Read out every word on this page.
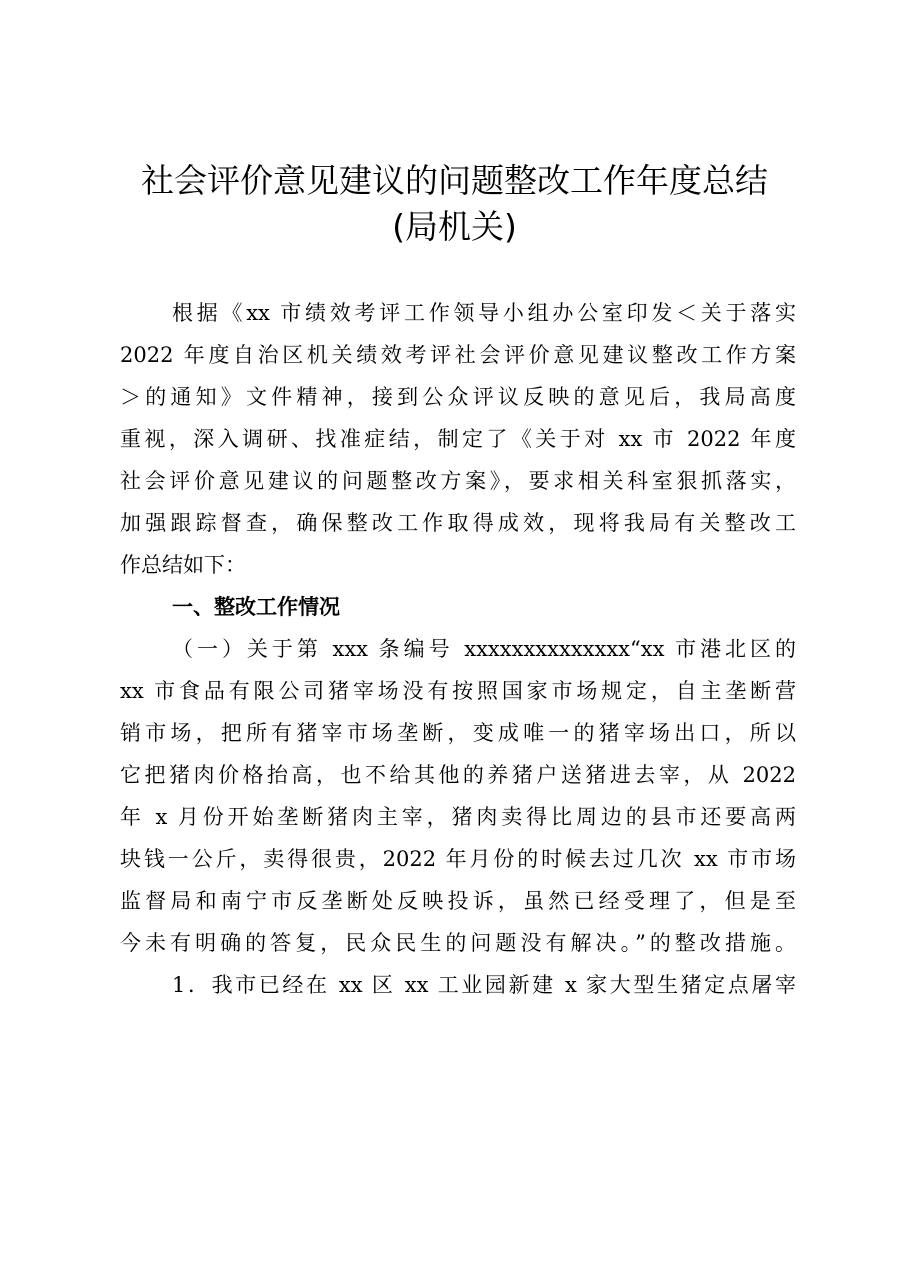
社会评价意见建议的问题整改工作年度总结
(局机关)
根据《xx 市绩效考评工作领导小组办公室印发＜关于落实
2022 年度自治区机关绩效考评社会评价意见建议整改工作方案
＞的通知》文件精神，接到公众评议反映的意见后，我局高度
重视，深入调研、找准症结，制定了《关于对 xx 市 2022 年度
社会评价意见建议的问题整改方案》，要求相关科室狠抓落实，
加强跟踪督查，确保整改工作取得成效，现将我局有关整改工
作总结如下：
一、整改工作情况
（一）关于第 xxx 条编号 xxxxxxxxxxxxxx“xx 市港北区的
xx 市食品有限公司猪宰场没有按照国家市场规定，自主垄断营
销市场，把所有猪宰市场垄断，变成唯一的猪宰场出口，所以
它把猪肉价格抬高，也不给其他的养猪户送猪进去宰，从 2022
年 x 月份开始垄断猪肉主宰，猪肉卖得比周边的县市还要高两
块钱一公斤，卖得很贵，2022 年月份的时候去过几次 xx 市市场
监督局和南宁市反垄断处反映投诉，虽然已经受理了，但是至
今未有明确的答复，民众民生的问题没有解决。”的整改措施。
1．我市已经在 xx 区 xx 工业园新建 x 家大型生猪定点屠宰
